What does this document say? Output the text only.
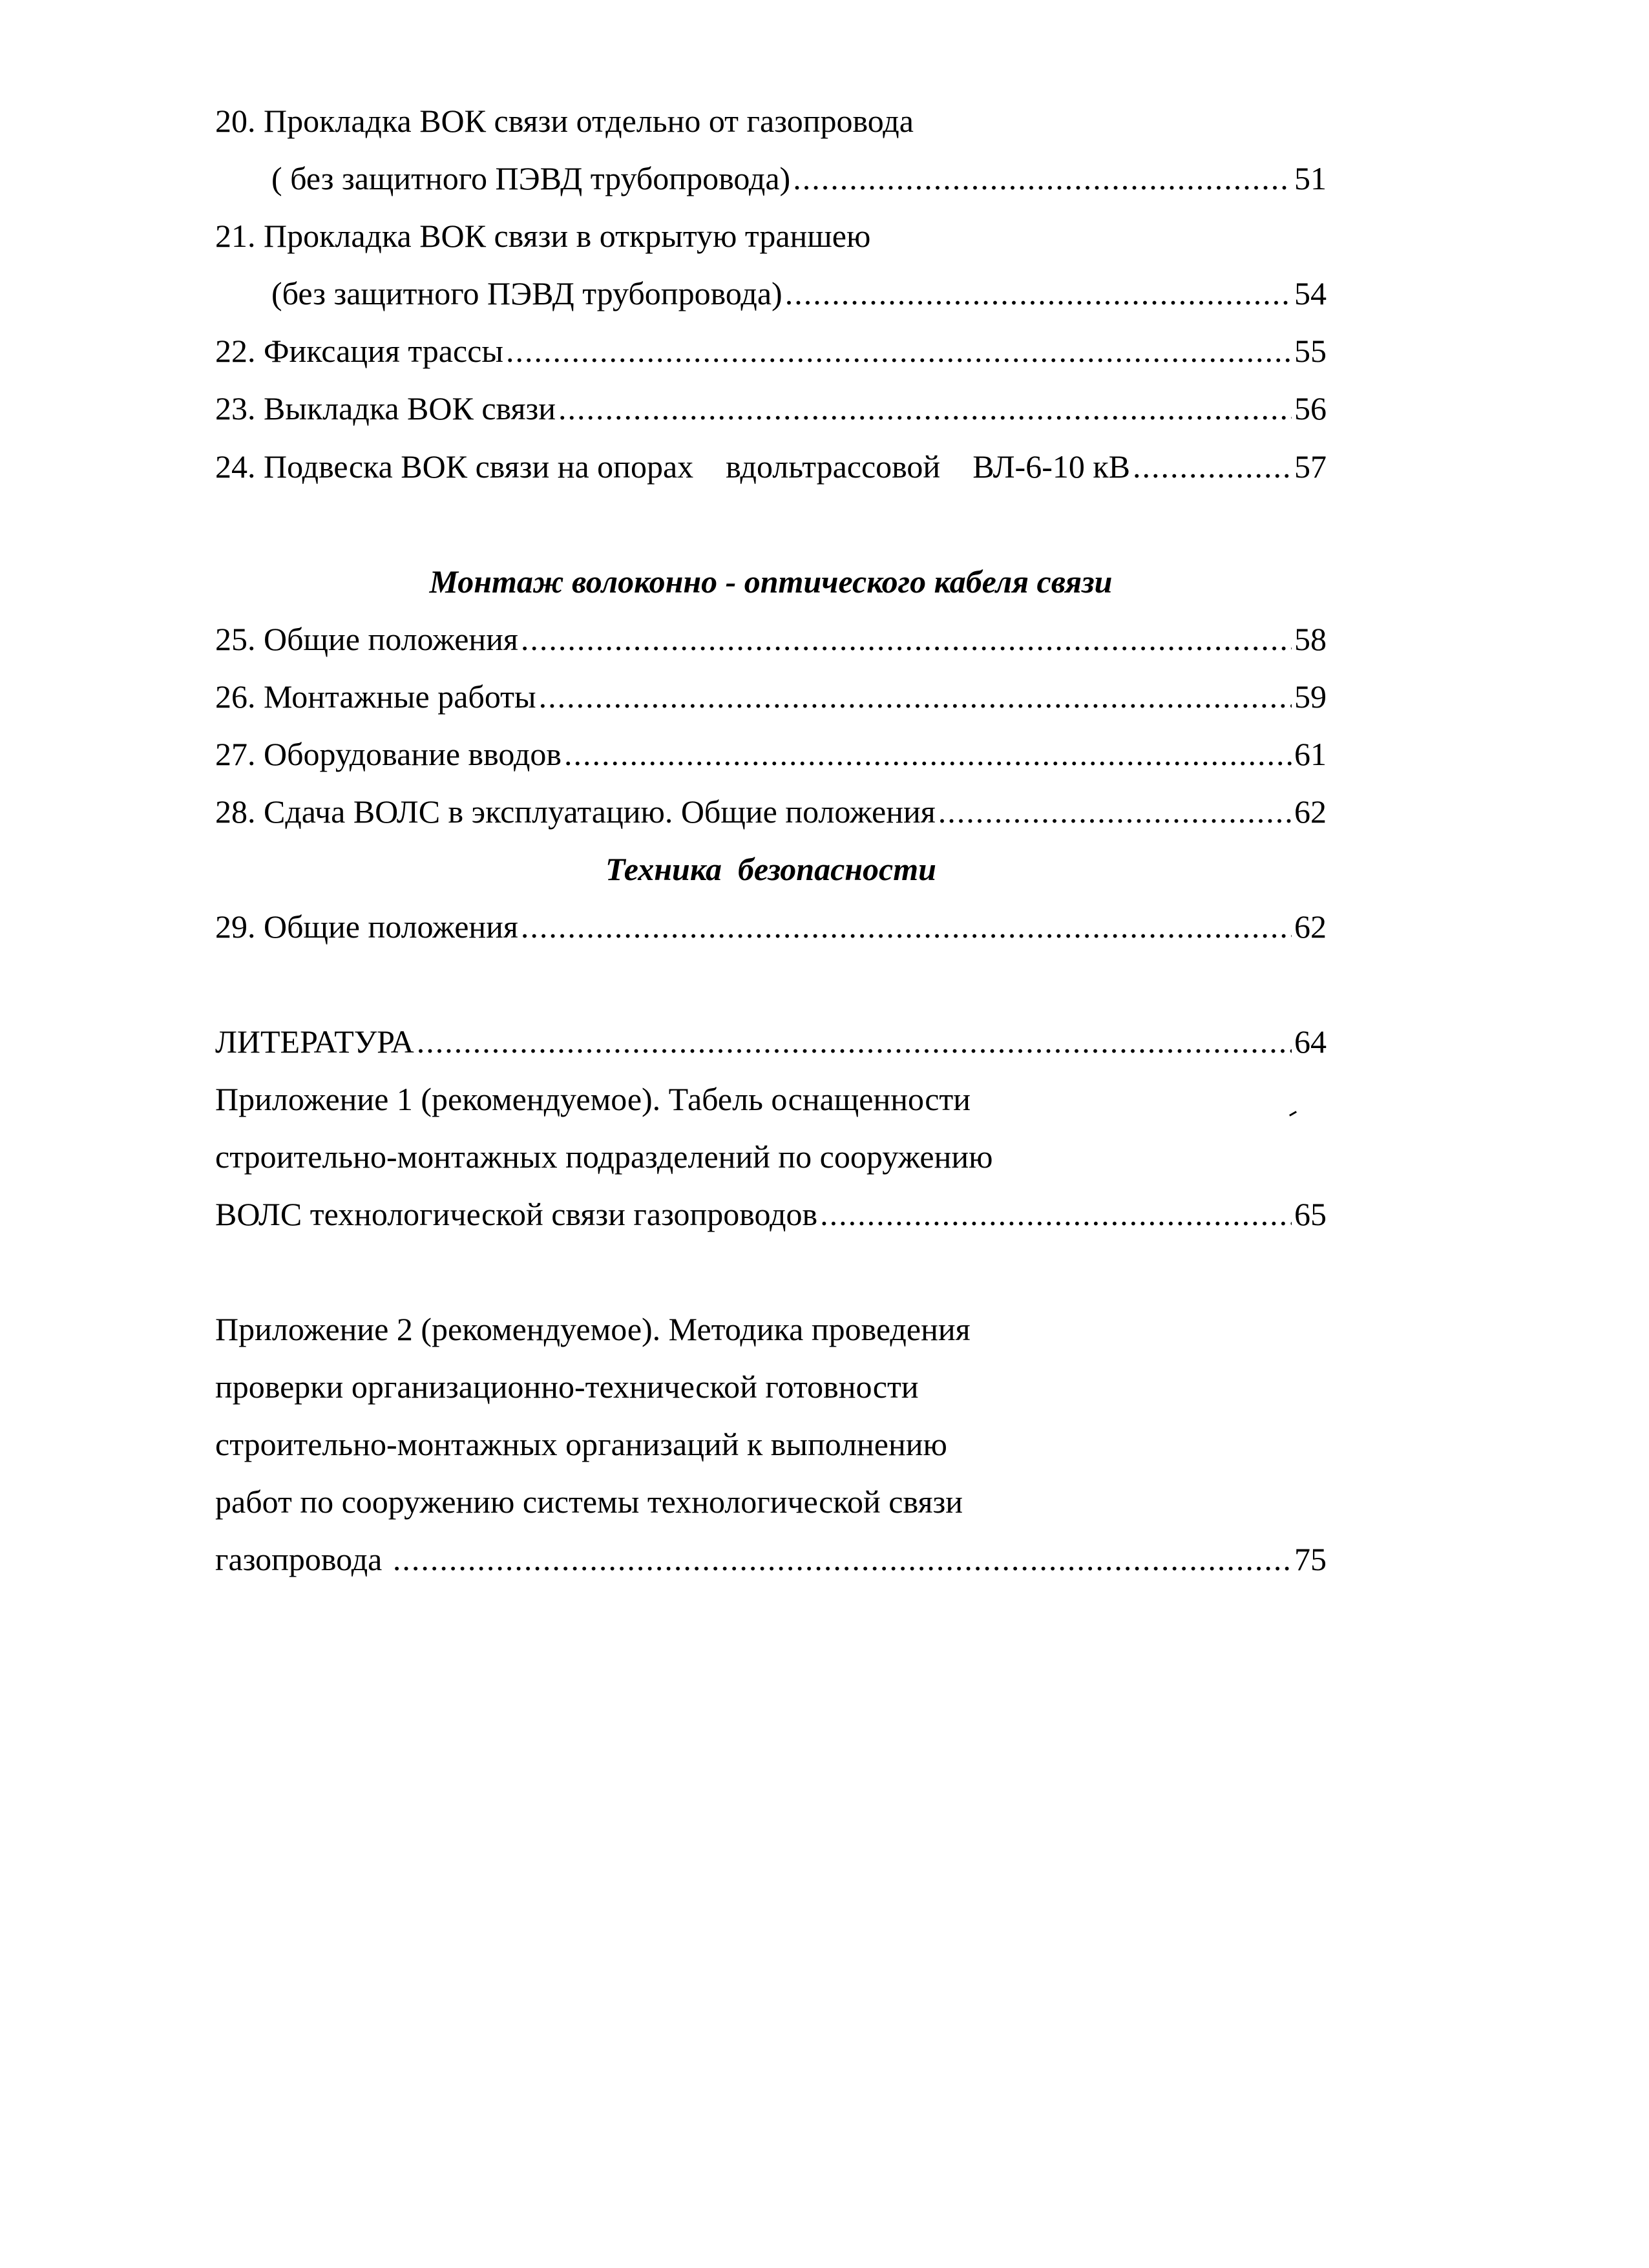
20. Прокладка ВОК связи отдельно от газопровода
( без защитного ПЭВД трубопровода) .....	51
21. Прокладка ВОК связи в открытую траншею
(без защитного ПЭВД трубопровода) .....	54
22. Фиксация трассы .....	55
23. Выкладка ВОК связи .....	56
24. Подвеска ВОК связи на опорах    вдольтрассовой    ВЛ-6-10 кВ .....	57
Монтаж волоконно - оптического кабеля связи
25. Общие положения .....	58
26. Монтажные работы .....	59
27. Оборудование вводов .....	61
28. Сдача ВОЛС в эксплуатацию. Общие положения .....	62
Техника  безопасности
29. Общие положения .....	62
ЛИТЕРАТУРА .....	64
Приложение 1 (рекомендуемое). Табель оснащенности
строительно-монтажных подразделений по сооружению
ВОЛС технологической связи газопроводов .....	65
Приложение 2 (рекомендуемое). Методика проведения
проверки организационно-технической готовности
строительно-монтажных организаций к выполнению
работ по сооружению системы технологической связи
газопровода .....	75
